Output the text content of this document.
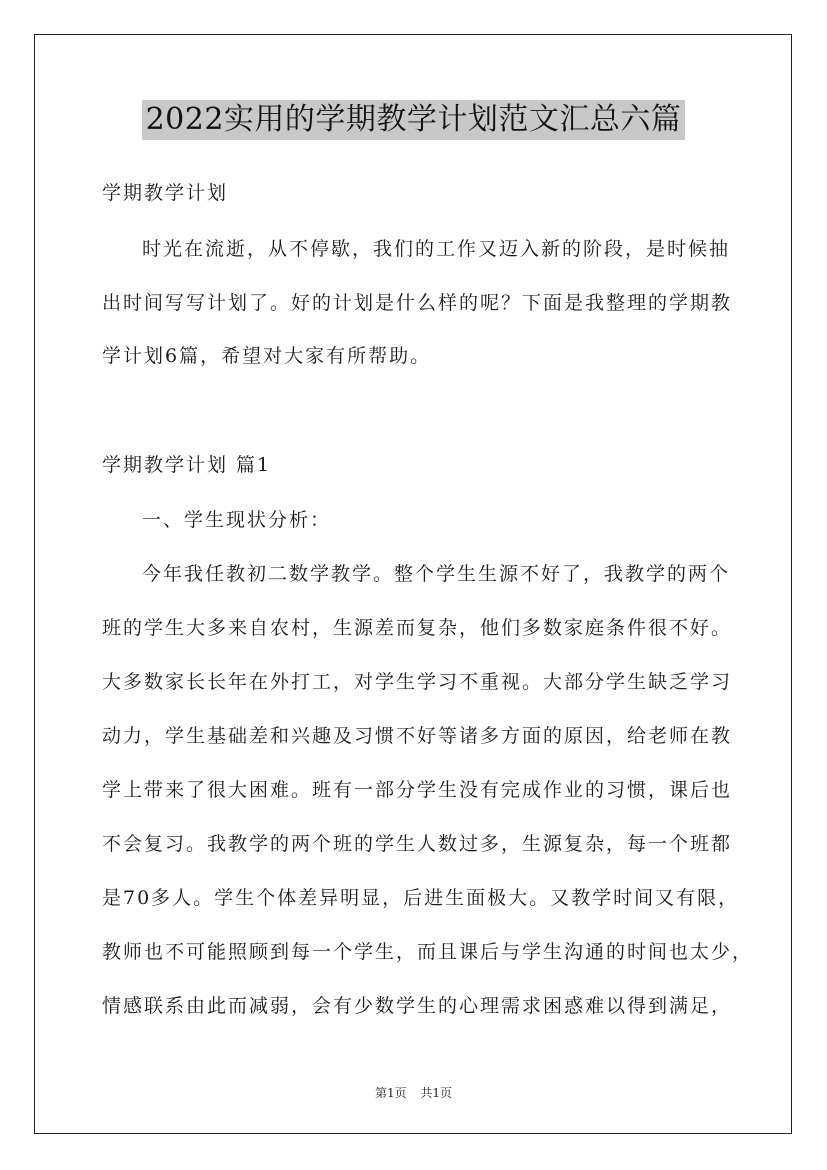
2022实用的学期教学计划范文汇总六篇
学期教学计划
时光在流逝，从不停歇，我们的工作又迈入新的阶段，是时候抽
出时间写写计划了。好的计划是什么样的呢？下面是我整理的学期教
学计划6篇，希望对大家有所帮助。
学期教学计划 篇1
一、学生现状分析：
今年我任教初二数学教学。整个学生生源不好了，我教学的两个
班的学生大多来自农村，生源差而复杂，他们多数家庭条件很不好。
大多数家长长年在外打工，对学生学习不重视。大部分学生缺乏学习
动力，学生基础差和兴趣及习惯不好等诸多方面的原因，给老师在教
学上带来了很大困难。班有一部分学生没有完成作业的习惯，课后也
不会复习。我教学的两个班的学生人数过多，生源复杂，每一个班都
是70多人。学生个体差异明显，后进生面极大。又教学时间又有限，
教师也不可能照顾到每一个学生，而且课后与学生沟通的时间也太少，
情感联系由此而减弱，会有少数学生的心理需求困惑难以得到满足，
第1页 共1页
